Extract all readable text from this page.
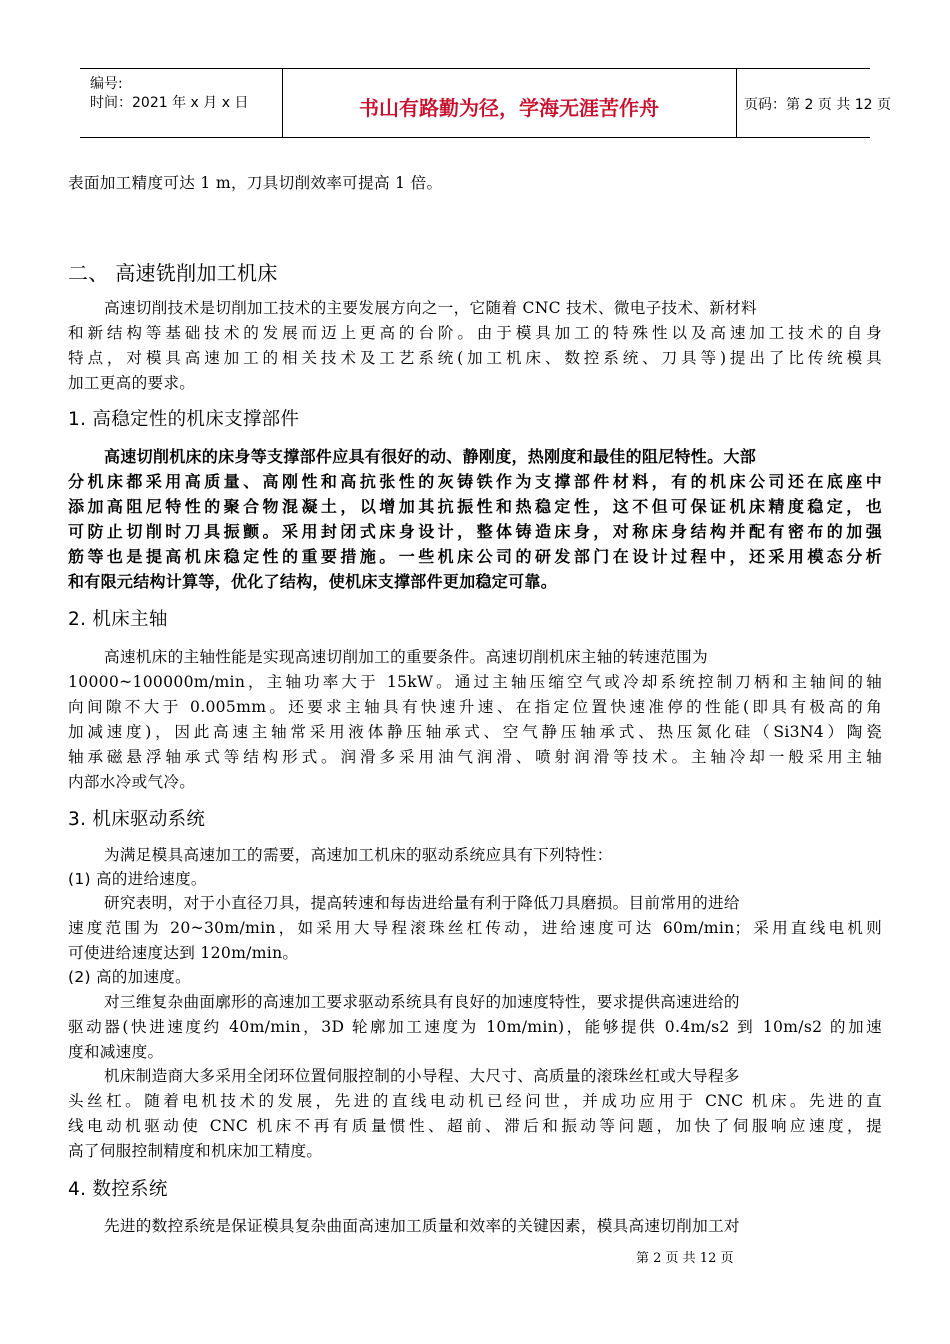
编号:
时间：2021 年 x 月 x 日	书山有路勤为径，学海无涯苦作舟	页码：第 2 页 共 12 页
表面加工精度可达 1 m，刀具切削效率可提高 1 倍。
二、 高速铣削加工机床
高速切削技术是切削加工技术的主要发展方向之一，它随着 CNC 技术、微电子技术、新材料
和新结构等基础技术的发展而迈上更高的台阶。由于模具加工的特殊性以及高速加工技术的自身
特点，对模具高速加工的相关技术及工艺系统(加工机床、数控系统、刀具等)提出了比传统模具
加工更高的要求。
1. 高稳定性的机床支撑部件
高速切削机床的床身等支撑部件应具有很好的动、静刚度，热刚度和最佳的阻尼特性。大部
分机床都采用高质量、高刚性和高抗张性的灰铸铁作为支撑部件材料，有的机床公司还在底座中
添加高阻尼特性的聚合物混凝土，以增加其抗振性和热稳定性，这不但可保证机床精度稳定，也
可防止切削时刀具振颤。采用封闭式床身设计，整体铸造床身，对称床身结构并配有密布的加强
筋等也是提高机床稳定性的重要措施。一些机床公司的研发部门在设计过程中，还采用模态分析
和有限元结构计算等，优化了结构，使机床支撑部件更加稳定可靠。
2. 机床主轴
高速机床的主轴性能是实现高速切削加工的重要条件。高速切削机床主轴的转速范围为
10000~100000m/min，主轴功率大于 15kW。通过主轴压缩空气或冷却系统控制刀柄和主轴间的轴
向间隙不大于 0.005mm。还要求主轴具有快速升速、在指定位置快速准停的性能(即具有极高的角
加减速度)，因此高速主轴常采用液体静压轴承式、空气静压轴承式、热压氮化硅（Si3N4）陶瓷
轴承磁悬浮轴承式等结构形式。润滑多采用油气润滑、喷射润滑等技术。主轴冷却一般采用主轴
内部水冷或气冷。
3. 机床驱动系统
为满足模具高速加工的需要，高速加工机床的驱动系统应具有下列特性：
(1) 高的进给速度。
研究表明，对于小直径刀具，提高转速和每齿进给量有利于降低刀具磨损。目前常用的进给
速度范围为 20~30m/min，如采用大导程滚珠丝杠传动，进给速度可达 60m/min；采用直线电机则
可使进给速度达到 120m/min。
(2) 高的加速度。
对三维复杂曲面廓形的高速加工要求驱动系统具有良好的加速度特性，要求提供高速进给的
驱动器(快进速度约 40m/min，3D 轮廓加工速度为 10m/min)，能够提供 0.4m/s2 到 10m/s2 的加速
度和减速度。
机床制造商大多采用全闭环位置伺服控制的小导程、大尺寸、高质量的滚珠丝杠或大导程多
头丝杠。随着电机技术的发展，先进的直线电动机已经问世，并成功应用于 CNC 机床。先进的直
线电动机驱动使 CNC 机床不再有质量惯性、超前、滞后和振动等问题，加快了伺服响应速度，提
高了伺服控制精度和机床加工精度。
4. 数控系统
先进的数控系统是保证模具复杂曲面高速加工质量和效率的关键因素，模具高速切削加工对
第 2 页 共 12 页
